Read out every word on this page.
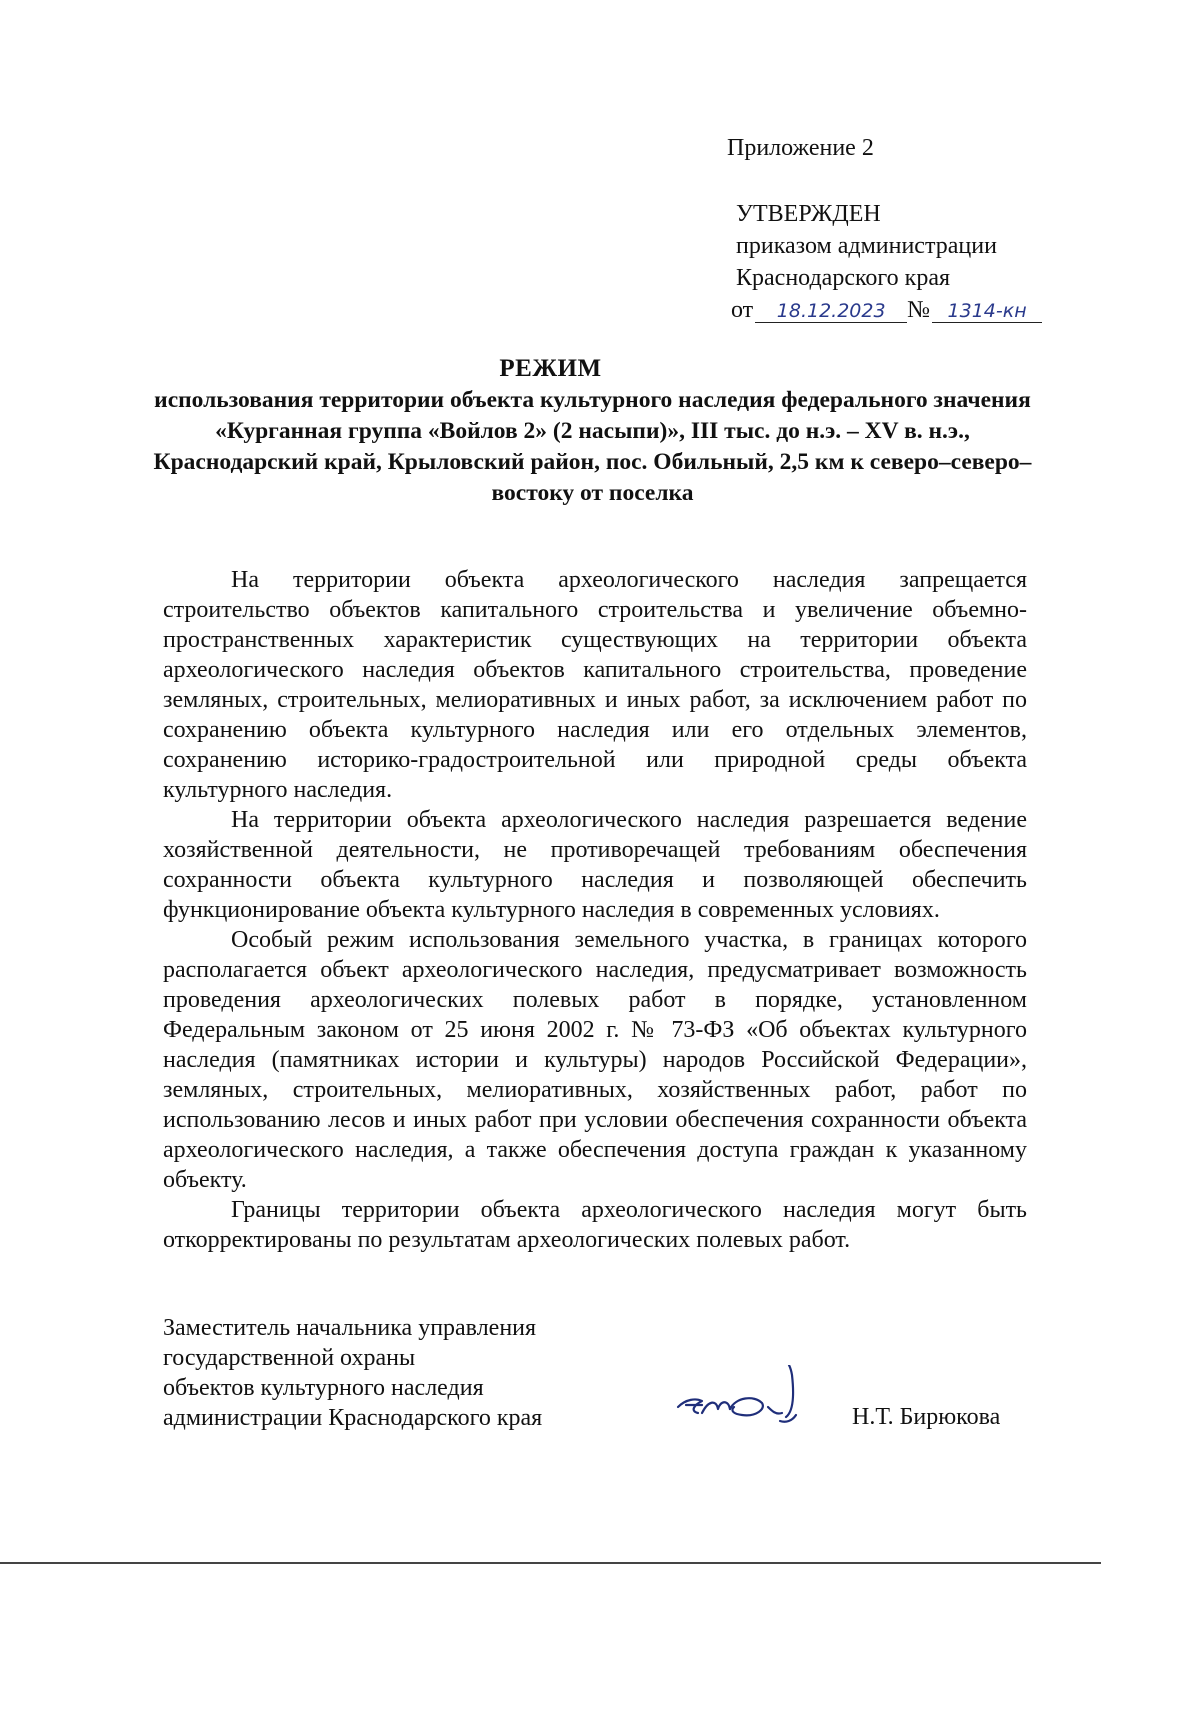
Приложение 2
УТВЕРЖДЕН
приказом администрации
Краснодарского края
от 18.12.2023 № 1314-кн
РЕЖИМ
использования территории объекта культурного наследия федерального значения «Курганная группа «Войлов 2» (2 насыпи)», III тыс. до н.э. – XV в. н.э., Краснодарский край, Крыловский район, пос. Обильный, 2,5 км к северо–северо–востоку от поселка

На территории объекта археологического наследия запрещается строительство объектов капитального строительства и увеличение объемно-пространственных характеристик существующих на территории объекта археологического наследия объектов капитального строительства, проведение земляных, строительных, мелиоративных и иных работ, за исключением работ по сохранению объекта культурного наследия или его отдельных элементов, сохранению историко-градостроительной или природной среды объекта культурного наследия.

На территории объекта археологического наследия разрешается ведение хозяйственной деятельности, не противоречащей требованиям обеспечения сохранности объекта культурного наследия и позволяющей обеспечить функционирование объекта культурного наследия в современных условиях.

Особый режим использования земельного участка, в границах которого располагается объект археологического наследия, предусматривает возможность проведения археологических полевых работ в порядке, установленном Федеральным законом от 25 июня 2002 г. № 73-ФЗ «Об объектах культурного наследия (памятниках истории и культуры) народов Российской Федерации», земляных, строительных, мелиоративных, хозяйственных работ, работ по использованию лесов и иных работ при условии обеспечения сохранности объекта археологического наследия, а также обеспечения доступа граждан к указанному объекту.

Границы территории объекта археологического наследия могут быть откорректированы по результатам археологических полевых работ.

Заместитель начальника управления
государственной охраны
объектов культурного наследия
администрации Краснодарского края	Н.Т. Бирюкова
